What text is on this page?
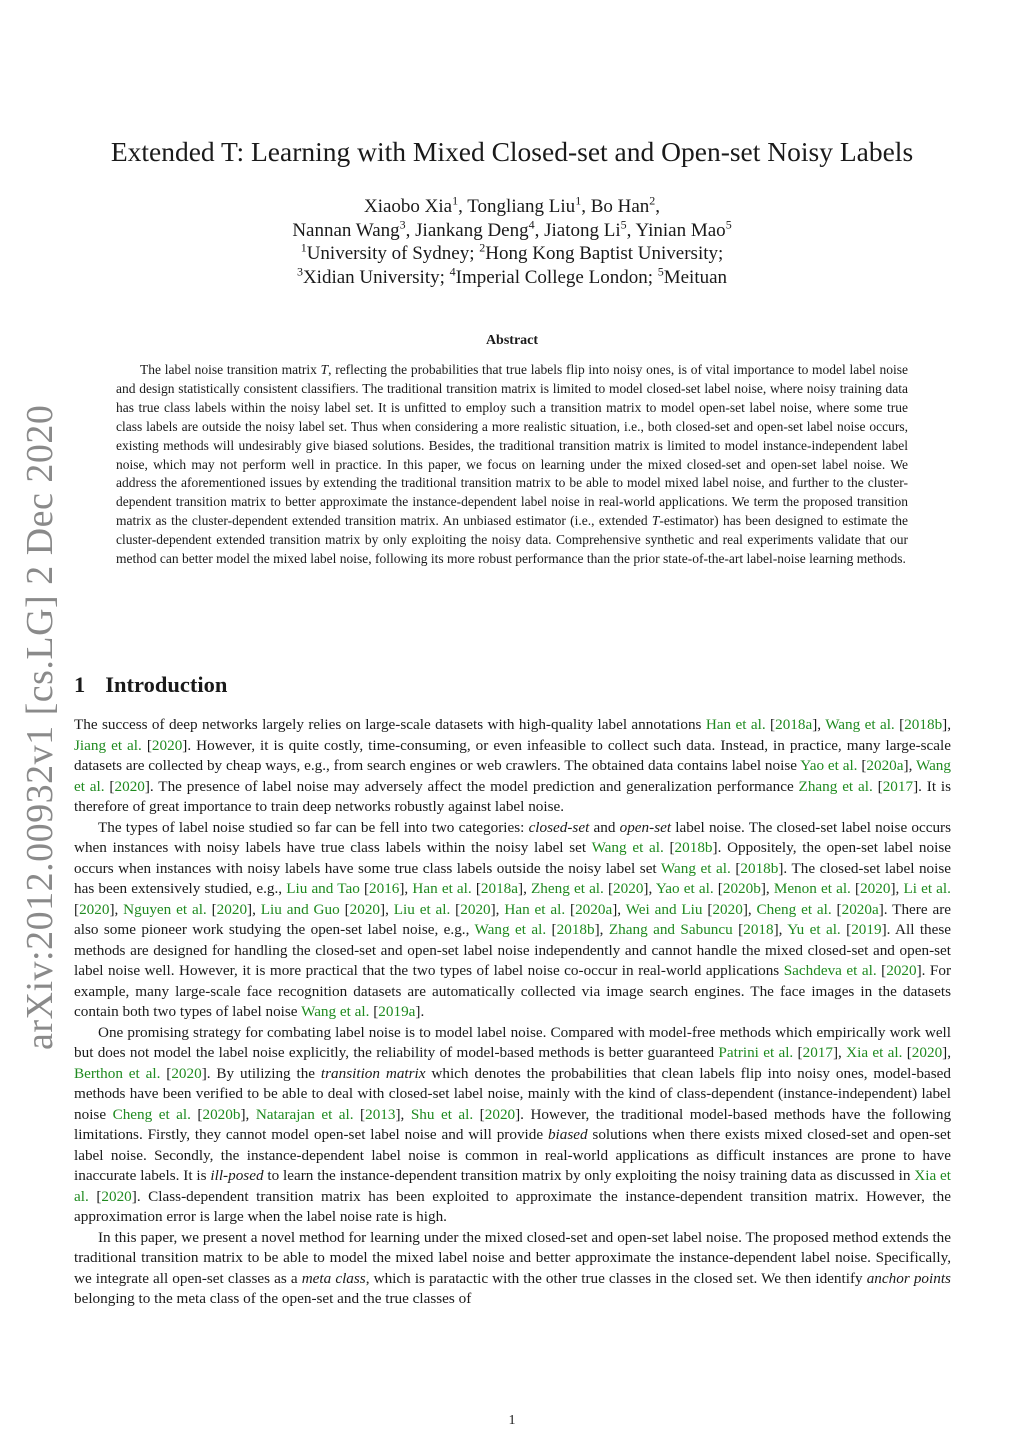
arXiv:2012.00932v1 [cs.LG] 2 Dec 2020
Extended T: Learning with Mixed Closed-set and Open-set Noisy Labels
Xiaobo Xia$^1$, Tongliang Liu$^1$, Bo Han$^2$,
Nannan Wang$^3$, Jiankang Deng$^4$, Jiatong Li$^5$, Yinian Mao$^5$
$^1$University of Sydney; $^2$Hong Kong Baptist University;
$^3$Xidian University; $^4$Imperial College London; $^5$Meituan
Abstract

The label noise transition matrix T, reflecting the probabilities that true labels flip into noisy ones, is of vital importance to model label noise and design statistically consistent classifiers. The traditional transition matrix is limited to model closed-set label noise, where noisy training data has true class labels within the noisy label set. It is unfitted to employ such a transition matrix to model open-set label noise, where some true class labels are outside the noisy label set. Thus when considering a more realistic situation, i.e., both closed-set and open-set label noise occurs, existing methods will undesirably give biased solutions. Besides, the traditional transition matrix is limited to model instance-independent label noise, which may not perform well in practice. In this paper, we focus on learning under the mixed closed-set and open-set label noise. We address the aforementioned issues by extending the traditional transition matrix to be able to model mixed label noise, and further to the cluster-dependent transition matrix to better approximate the instance-dependent label noise in real-world applications. We term the proposed transition matrix as the cluster-dependent extended transition matrix. An unbiased estimator (i.e., extended T-estimator) has been designed to estimate the cluster-dependent extended transition matrix by only exploiting the noisy data. Comprehensive synthetic and real experiments validate that our method can better model the mixed label noise, following its more robust performance than the prior state-of-the-art label-noise learning methods.

1 Introduction

The success of deep networks largely relies on large-scale datasets with high-quality label annotations Han et al. [2018a], Wang et al. [2018b], Jiang et al. [2020]. However, it is quite costly, time-consuming, or even infeasible to collect such data. Instead, in practice, many large-scale datasets are collected by cheap ways, e.g., from search engines or web crawlers. The obtained data contains label noise Yao et al. [2020a], Wang et al. [2020]. The presence of label noise may adversely affect the model prediction and generalization performance Zhang et al. [2017]. It is therefore of great importance to train deep networks robustly against label noise.

The types of label noise studied so far can be fell into two categories: closed-set and open-set label noise. The closed-set label noise occurs when instances with noisy labels have true class labels within the noisy label set Wang et al. [2018b]. Oppositely, the open-set label noise occurs when instances with noisy labels have some true class labels outside the noisy label set Wang et al. [2018b]. The closed-set label noise has been extensively studied, e.g., Liu and Tao [2016], Han et al. [2018a], Zheng et al. [2020], Yao et al. [2020b], Menon et al. [2020], Li et al. [2020], Nguyen et al. [2020], Liu and Guo [2020], Liu et al. [2020], Han et al. [2020a], Wei and Liu [2020], Cheng et al. [2020a]. There are also some pioneer work studying the open-set label noise, e.g., Wang et al. [2018b], Zhang and Sabuncu [2018], Yu et al. [2019]. All these methods are designed for handling the closed-set and open-set label noise independently and cannot handle the mixed closed-set and open-set label noise well. However, it is more practical that the two types of label noise co-occur in real-world applications Sachdeva et al. [2020]. For example, many large-scale face recognition datasets are automatically collected via image search engines. The face images in the datasets contain both two types of label noise Wang et al. [2019a].

One promising strategy for combating label noise is to model label noise. Compared with model-free methods which empirically work well but does not model the label noise explicitly, the reliability of model-based methods is better guaranteed Patrini et al. [2017], Xia et al. [2020], Berthon et al. [2020]. By utilizing the transition matrix which denotes the probabilities that clean labels flip into noisy ones, model-based methods have been verified to be able to deal with closed-set label noise, mainly with the kind of class-dependent (instance-independent) label noise Cheng et al. [2020b], Natarajan et al. [2013], Shu et al. [2020]. However, the traditional model-based methods have the following limitations. Firstly, they cannot model open-set label noise and will provide biased solutions when there exists mixed closed-set and open-set label noise. Secondly, the instance-dependent label noise is common in real-world applications as difficult instances are prone to have inaccurate labels. It is ill-posed to learn the instance-dependent transition matrix by only exploiting the noisy training data as discussed in Xia et al. [2020]. Class-dependent transition matrix has been exploited to approximate the instance-dependent transition matrix. However, the approximation error is large when the label noise rate is high.

In this paper, we present a novel method for learning under the mixed closed-set and open-set label noise. The proposed method extends the traditional transition matrix to be able to model the mixed label noise and better approximate the instance-dependent label noise. Specifically, we integrate all open-set classes as a meta class, which is paratactic with the other true classes in the closed set. We then identify anchor points belonging to the meta class of the open-set and the true classes of

1
